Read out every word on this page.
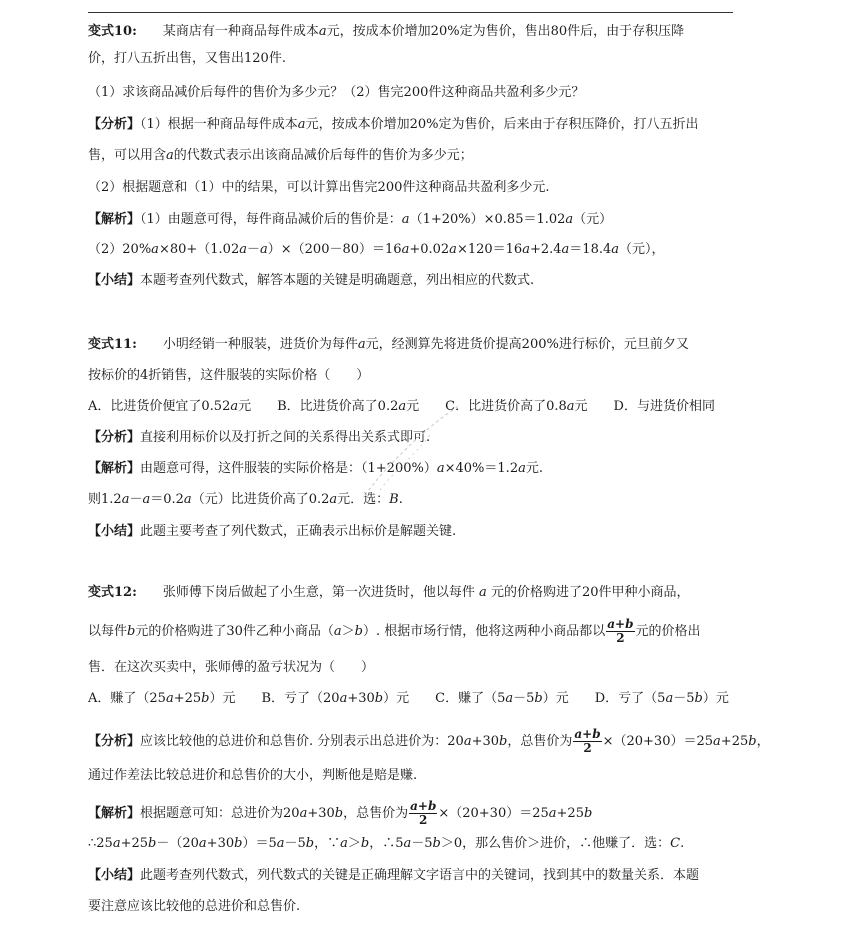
变式10:   某商店有一种商品每件成本a元，按成本价增加20%定为售价，售出80件后，由于存积压降
价，打八五折出售，又售出120件.
（1）求该商品减价后每件的售价为多少元？（2）售完200件这种商品共盈利多少元？
【分析】（1）根据一种商品每件成本a元，按成本价增加20%定为售价，后来由于存积压降价，打八五折出
售，可以用含a的代数式表示出该商品减价后每件的售价为多少元；
（2）根据题意和（1）中的结果，可以计算出售完200件这种商品共盈利多少元.
【解析】（1）由题意可得，每件商品减价后的售价是：a（1+20%）×0.85＝1.02a（元）
（2）20%a×80+（1.02a－a）×（200－80）＝16a+0.02a×120＝16a+2.4a＝18.4a（元），
【小结】本题考查列代数式，解答本题的关键是明确题意，列出相应的代数式.
变式11:   小明经销一种服装，进货价为每件a元，经测算先将进货价提高200%进行标价，元旦前夕又
按标价的4折销售，这件服装的实际价格（　　）
A．比进货价便宜了0.52a元   B．比进货价高了0.2a元   C．比进货价高了0.8a元   D．与进货价相同
【分析】直接利用标价以及打折之间的关系得出关系式即可.
【解析】由题意可得，这件服装的实际价格是：（1+200%）a×40%＝1.2a元.
则1.2a－a＝0.2a（元）比进货价高了0.2a元．选：B.
【小结】此题主要考查了列代数式，正确表示出标价是解题关键.
变式12:   张师傅下岗后做起了小生意，第一次进货时，他以每件 a 元的价格购进了20件甲种小商品，
以每件b元的价格购进了30件乙种小商品（a＞b）. 根据市场行情，他将这两种小商品都以 $\frac{a+b}{2}$ 元的价格出
售．在这次买卖中，张师傅的盈亏状况为（　　）
A．赚了（25a+25b）元   B．亏了（20a+30b）元   C．赚了（5a－5b）元   D．亏了（5a－5b）元
【分析】应该比较他的总进价和总售价. 分别表示出总进价为：20a+30b，总售价为 $\frac{a+b}{2} \times(20+30)=25a+25b$，
通过作差法比较总进价和总售价的大小，判断他是赔是赚.
【解析】根据题意可知：总进价为20a+30b，总售价为 $\frac{a+b}{2} \times(20+30)=25a+25b$
∴25a+25b－（20a+30b）＝5a－5b，∵a＞b，∴5a－5b＞0，那么售价＞进价，∴他赚了．选：C.
【小结】此题考查列代数式，列代数式的关键是正确理解文字语言中的关键词，找到其中的数量关系．本题
要注意应该比较他的总进价和总售价.
